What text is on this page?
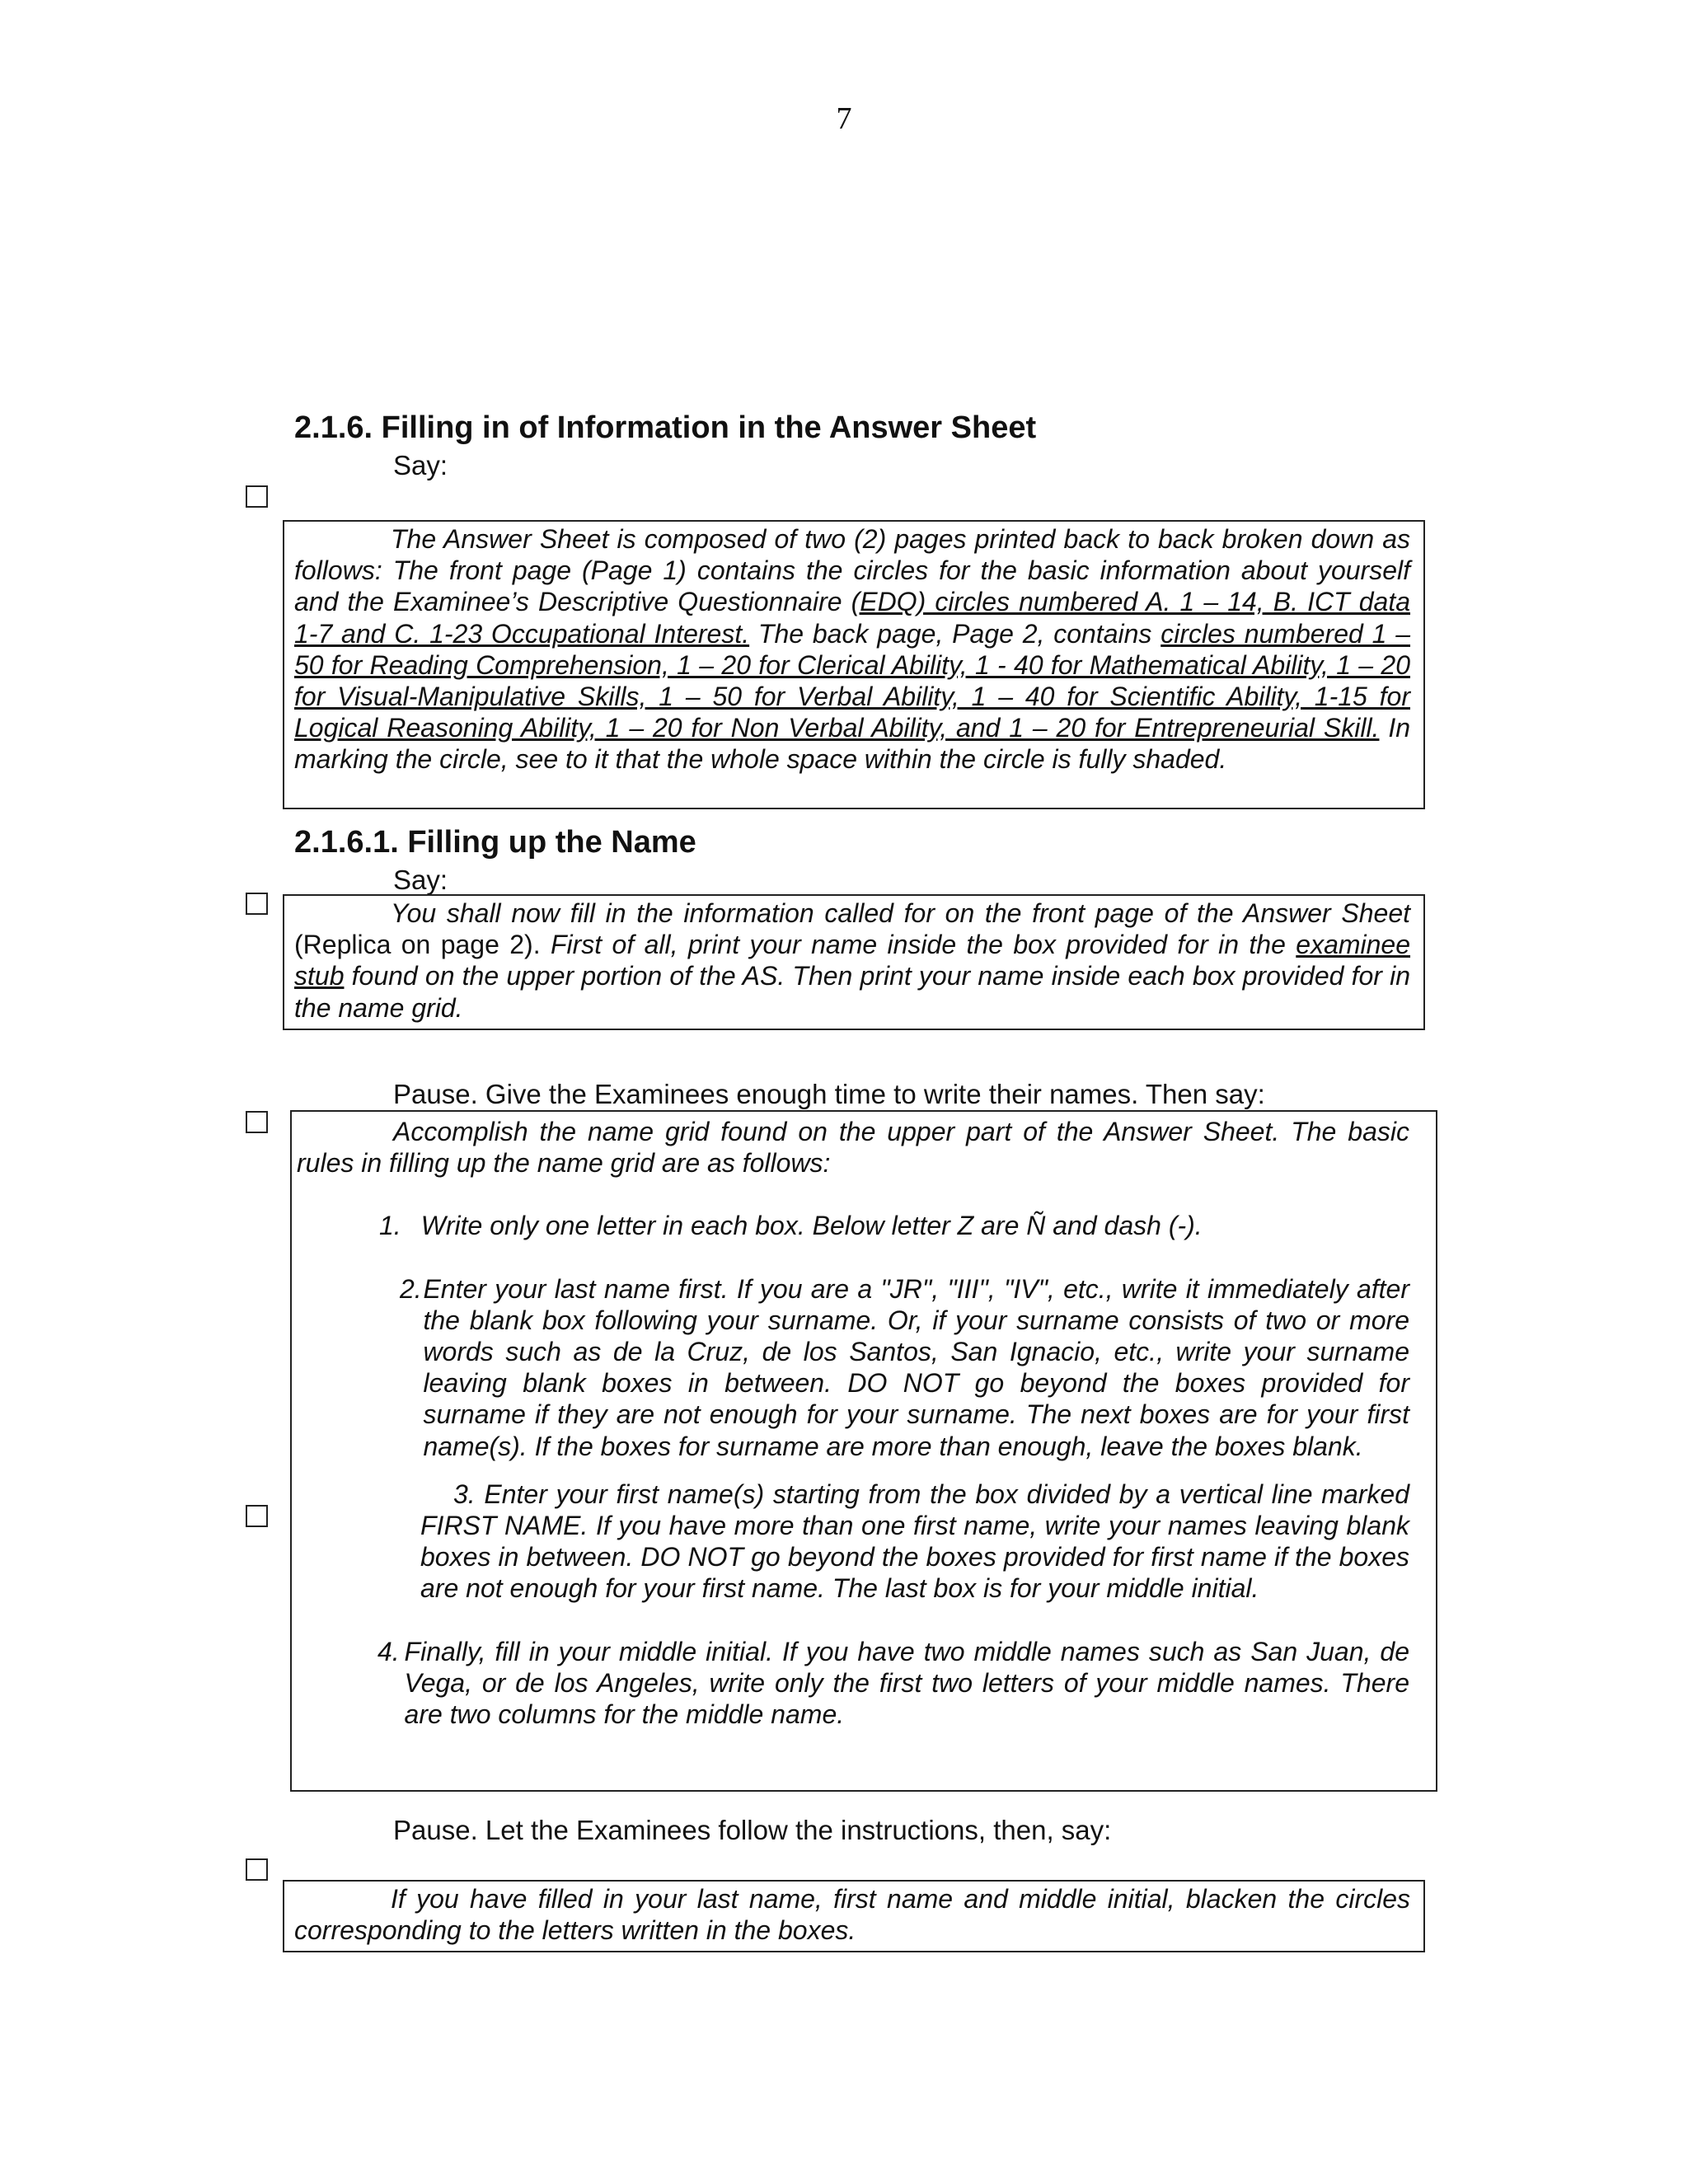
7
2.1.6. Filling in of Information in the Answer Sheet
Say:

The Answer Sheet is composed of two (2) pages printed back to back broken down as follows: The front page (Page 1) contains the circles for the basic information about yourself and the Examinee’s Descriptive Questionnaire (EDQ) circles numbered A. 1 – 14, B. ICT data 1-7 and C. 1-23 Occupational Interest. The back page, Page 2, contains circles numbered 1 – 50 for Reading Comprehension, 1 – 20 for Clerical Ability, 1 - 40 for Mathematical Ability, 1 – 20 for Visual-Manipulative Skills, 1 – 50 for Verbal Ability, 1 – 40 for Scientific Ability, 1-15 for Logical Reasoning Ability, 1 – 20 for Non Verbal Ability, and 1 – 20 for Entrepreneurial Skill. In marking the circle, see to it that the whole space within the circle is fully shaded.

2.1.6.1. Filling up the Name
Say:

You shall now fill in the information called for on the front page of the Answer Sheet (Replica on page 2). First of all, print your name inside the box provided for in the examinee stub found on the upper portion of the AS. Then print your name inside each box provided for in the name grid.

Pause. Give the Examinees enough time to write their names. Then say:

Accomplish the name grid found on the upper part of the Answer Sheet. The basic rules in filling up the name grid are as follows:

1. Write only one letter in each box. Below letter Z are Ñ and dash (-).
2. Enter your last name first. If you are a "JR", "III", "IV", etc., write it immediately after the blank box following your surname. Or, if your surname consists of two or more words such as de la Cruz, de los Santos, San Ignacio, etc., write your surname leaving blank boxes in between. DO NOT go beyond the boxes provided for surname if they are not enough for your surname. The next boxes are for your first name(s). If the boxes for surname are more than enough, leave the boxes blank.
3. Enter your first name(s) starting from the box divided by a vertical line marked FIRST NAME. If you have more than one first name, write your names leaving blank boxes in between. DO NOT go beyond the boxes provided for first name if the boxes are not enough for your first name. The last box is for your middle initial.
4. Finally, fill in your middle initial. If you have two middle names such as San Juan, de Vega, or de los Angeles, write only the first two letters of your middle names. There are two columns for the middle name.
Pause. Let the Examinees follow the instructions, then, say:

If you have filled in your last name, first name and middle initial, blacken the circles corresponding to the letters written in the boxes.
